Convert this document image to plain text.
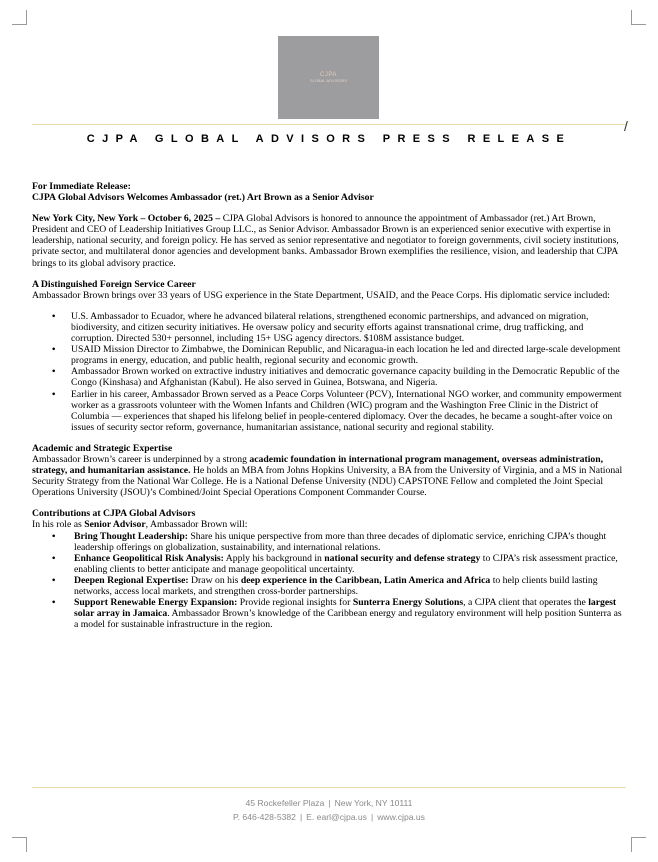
CJPA
GLOBAL ADVISORS
/
CJPA GLOBAL ADVISORS PRESS RELEASE

For Immediate Release:

CJPA Global Advisors Welcomes Ambassador (ret.) Art Brown as a Senior Advisor

New York City, New York – October 6, 2025 – CJPA Global Advisors is honored to announce the appointment of Ambassador (ret.) Art Brown, President and CEO of Leadership Initiatives Group LLC., as Senior Advisor. Ambassador Brown is an experienced senior executive with expertise in leadership, national security, and foreign policy. He has served as senior representative and negotiator to foreign governments, civil society institutions, private sector, and multilateral donor agencies and development banks. Ambassador Brown exemplifies the resilience, vision, and leadership that CJPA brings to its global advisory practice.

A Distinguished Foreign Service Career

Ambassador Brown brings over 33 years of USG experience in the State Department, USAID, and the Peace Corps. His diplomatic service included:

• U.S. Ambassador to Ecuador, where he advanced bilateral relations, strengthened economic partnerships, and advanced on migration, biodiversity, and citizen security initiatives. He oversaw policy and security efforts against transnational crime, drug trafficking, and corruption. Directed 530+ personnel, including 15+ USG agency directors. $108M assistance budget.
• USAID Mission Director to Zimbabwe, the Dominican Republic, and Nicaragua-in each location he led and directed large-scale development programs in energy, education, and public health, regional security and economic growth.
• Ambassador Brown worked on extractive industry initiatives and democratic governance capacity building in the Democratic Republic of the Congo (Kinshasa) and Afghanistan (Kabul). He also served in Guinea, Botswana, and Nigeria.
• Earlier in his career, Ambassador Brown served as a Peace Corps Volunteer (PCV), International NGO worker, and community empowerment worker as a grassroots volunteer with the Women Infants and Children (WIC) program and the Washington Free Clinic in the District of Columbia — experiences that shaped his lifelong belief in people-centered diplomacy. Over the decades, he became a sought-after voice on issues of security sector reform, governance, humanitarian assistance, national security and regional stability.

Academic and Strategic Expertise

Ambassador Brown’s career is underpinned by a strong academic foundation in international program management, overseas administration, strategy, and humanitarian assistance. He holds an MBA from Johns Hopkins University, a BA from the University of Virginia, and a MS in National Security Strategy from the National War College. He is a National Defense University (NDU) CAPSTONE Fellow and completed the Joint Special Operations University (JSOU)’s Combined/Joint Special Operations Component Commander Course.

Contributions at CJPA Global Advisors

In his role as Senior Advisor, Ambassador Brown will:

• Bring Thought Leadership: Share his unique perspective from more than three decades of diplomatic service, enriching CJPA’s thought leadership offerings on globalization, sustainability, and international relations.
• Enhance Geopolitical Risk Analysis: Apply his background in national security and defense strategy to CJPA’s risk assessment practice, enabling clients to better anticipate and manage geopolitical uncertainty.
• Deepen Regional Expertise: Draw on his deep experience in the Caribbean, Latin America and Africa to help clients build lasting networks, access local markets, and strengthen cross-border partnerships.
• Support Renewable Energy Expansion: Provide regional insights for Sunterra Energy Solutions, a CJPA client that operates the largest solar array in Jamaica. Ambassador Brown’s knowledge of the Caribbean energy and regulatory environment will help position Sunterra as a model for sustainable infrastructure in the region.
45 Rockefeller Plaza | New York, NY 10111
P. 646-428-5382 | E. earl@cjpa.us | www.cjpa.us
